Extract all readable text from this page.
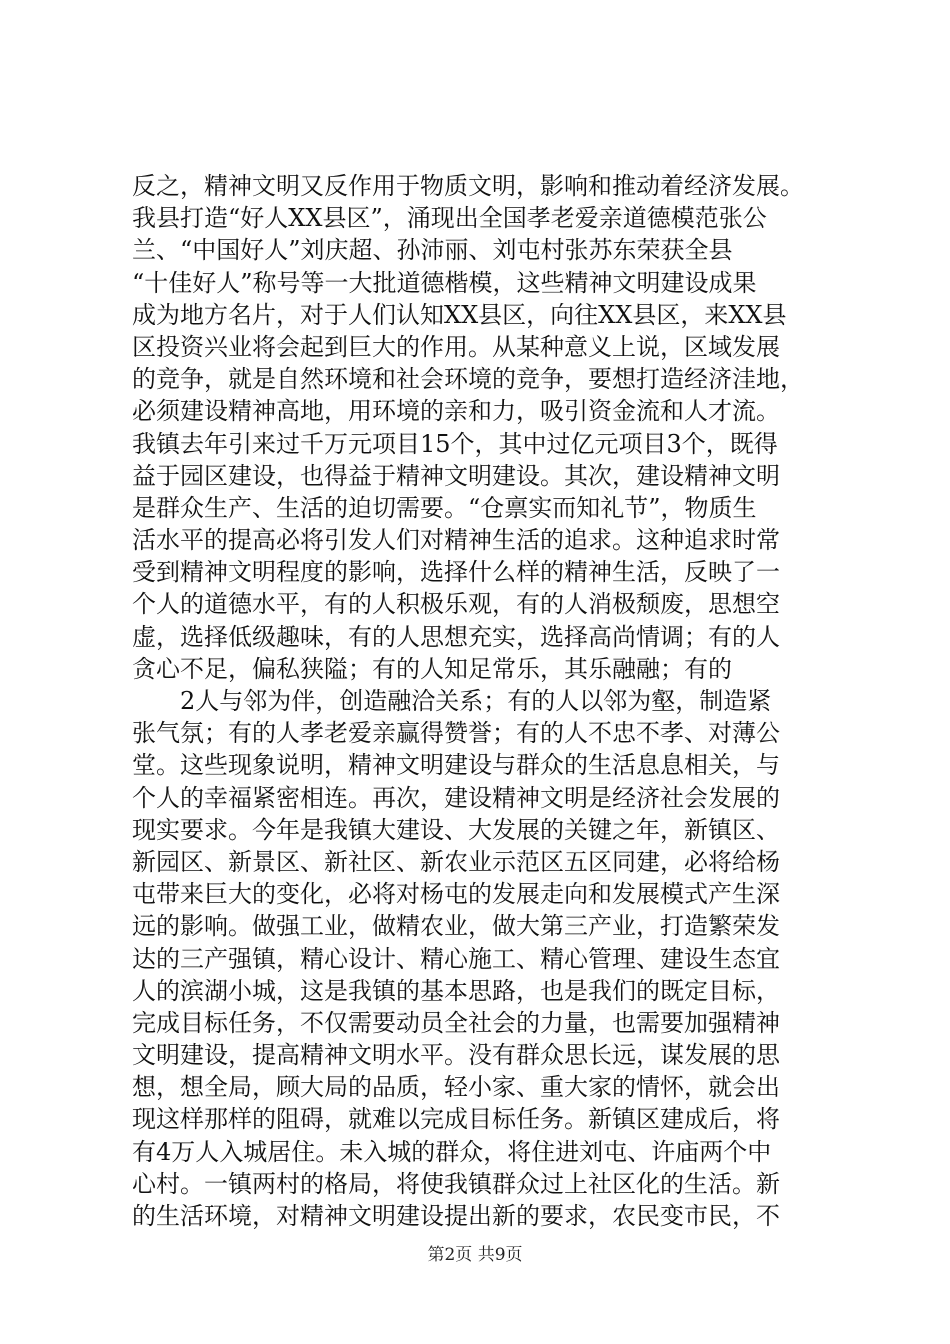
反之，精神文明又反作用于物质文明，影响和推动着经济发展。
我县打造“好人XX县区”，涌现出全国孝老爱亲道德模范张公
兰、“中国好人”刘庆超、孙沛丽、刘屯村张苏东荣获全县
“十佳好人”称号等一大批道德楷模，这些精神文明建设成果
成为地方名片，对于人们认知XX县区，向往XX县区，来XX县
区投资兴业将会起到巨大的作用。从某种意义上说，区域发展
的竞争，就是自然环境和社会环境的竞争，要想打造经济洼地，
必须建设精神高地，用环境的亲和力，吸引资金流和人才流。
我镇去年引来过千万元项目15个，其中过亿元项目3个，既得
益于园区建设，也得益于精神文明建设。其次，建设精神文明
是群众生产、生活的迫切需要。“仓禀实而知礼节”，物质生
活水平的提高必将引发人们对精神生活的追求。这种追求时常
受到精神文明程度的影响，选择什么样的精神生活，反映了一
个人的道德水平，有的人积极乐观，有的人消极颓废，思想空
虚，选择低级趣味，有的人思想充实，选择高尚情调；有的人
贪心不足，偏私狭隘；有的人知足常乐，其乐融融；有的
2人与邻为伴，创造融洽关系；有的人以邻为壑，制造紧
张气氛；有的人孝老爱亲赢得赞誉；有的人不忠不孝、对薄公
堂。这些现象说明，精神文明建设与群众的生活息息相关，与
个人的幸福紧密相连。再次，建设精神文明是经济社会发展的
现实要求。今年是我镇大建设、大发展的关键之年，新镇区、
新园区、新景区、新社区、新农业示范区五区同建，必将给杨
屯带来巨大的变化，必将对杨屯的发展走向和发展模式产生深
远的影响。做强工业，做精农业，做大第三产业，打造繁荣发
达的三产强镇，精心设计、精心施工、精心管理、建设生态宜
人的滨湖小城，这是我镇的基本思路，也是我们的既定目标，
完成目标任务，不仅需要动员全社会的力量，也需要加强精神
文明建设，提高精神文明水平。没有群众思长远，谋发展的思
想，想全局，顾大局的品质，轻小家、重大家的情怀，就会出
现这样那样的阻碍，就难以完成目标任务。新镇区建成后，将
有4万人入城居住。未入城的群众，将住进刘屯、许庙两个中
心村。一镇两村的格局，将使我镇群众过上社区化的生活。新
的生活环境，对精神文明建设提出新的要求，农民变市民，不
第2页 共9页
